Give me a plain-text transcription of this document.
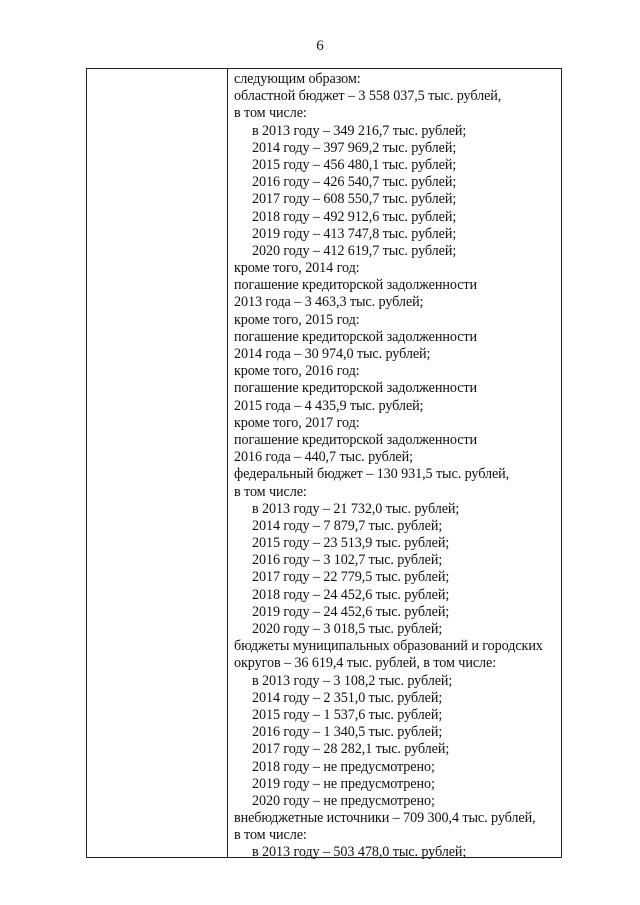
6
следующим образом:
областной бюджет – 3 558 037,5 тыс. рублей,
в том числе:
в 2013 году – 349 216,7 тыс. рублей;
2014 году – 397 969,2 тыс. рублей;
2015 году – 456 480,1 тыс. рублей;
2016 году – 426 540,7 тыс. рублей;
2017 году – 608 550,7 тыс. рублей;
2018 году – 492 912,6 тыс. рублей;
2019 году – 413 747,8 тыс. рублей;
2020 году – 412 619,7 тыс. рублей;
кроме того, 2014 год:
погашение кредиторской задолженности
2013 года – 3 463,3 тыс. рублей;
кроме того, 2015 год:
погашение кредиторской задолженности
2014 года – 30 974,0 тыс. рублей;
кроме того, 2016 год:
погашение кредиторской задолженности
2015 года – 4 435,9 тыс. рублей;
кроме того, 2017 год:
погашение кредиторской задолженности
2016 года – 440,7 тыс. рублей;
федеральный бюджет – 130 931,5 тыс. рублей,
в том числе:
в 2013 году – 21 732,0 тыс. рублей;
2014 году – 7 879,7 тыс. рублей;
2015 году – 23 513,9 тыс. рублей;
2016 году – 3 102,7 тыс. рублей;
2017 году – 22 779,5 тыс. рублей;
2018 году – 24 452,6 тыс. рублей;
2019 году – 24 452,6 тыс. рублей;
2020 году – 3 018,5 тыс. рублей;
бюджеты муниципальных образований и городских
округов – 36 619,4 тыс. рублей, в том числе:
в 2013 году – 3 108,2 тыс. рублей;
2014 году – 2 351,0 тыс. рублей;
2015 году – 1 537,6 тыс. рублей;
2016 году – 1 340,5 тыс. рублей;
2017 году – 28 282,1 тыс. рублей;
2018 году – не предусмотрено;
2019 году – не предусмотрено;
2020 году – не предусмотрено;
внебюджетные источники – 709 300,4 тыс. рублей,
в том числе:
в 2013 году – 503 478,0 тыс. рублей;
